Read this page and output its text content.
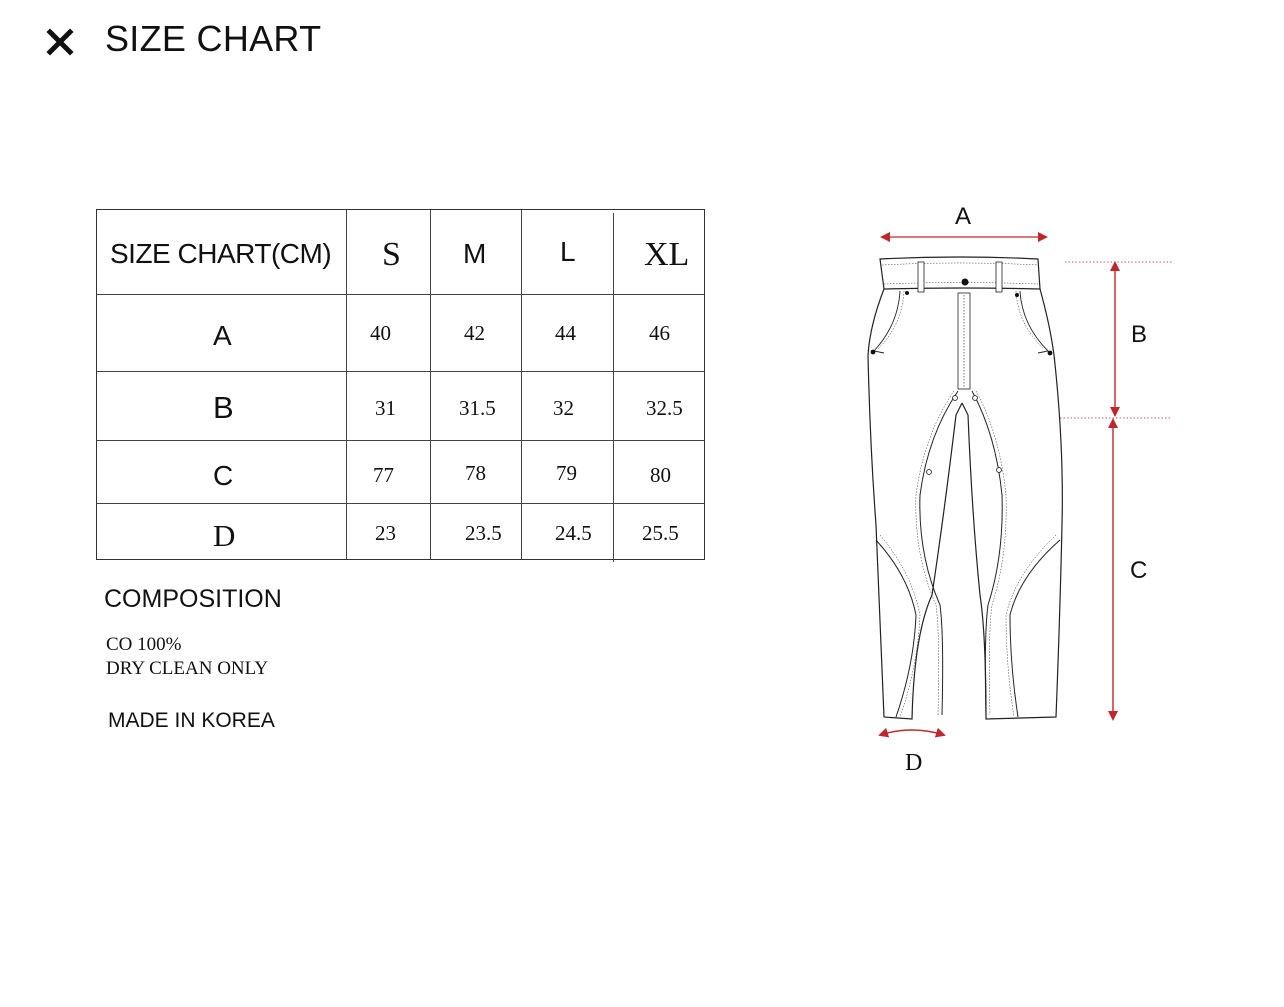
SIZE CHART
SIZE CHART(CM) S M	L XL
A	40	42	44	46
B	31	31.5	32	32.5
C	77	78	79	80
D	23	23.5	24.5 25.5
COMPOSITION
CO 100%
DRY CLEAN ONLY
MADE IN KOREA
A
B
C
D
